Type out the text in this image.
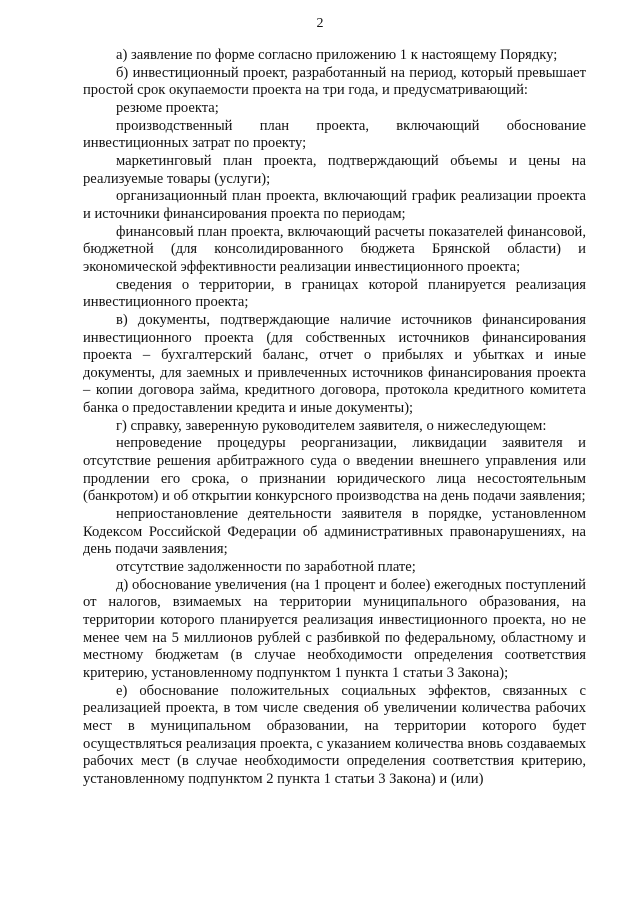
2

а) заявление по форме согласно приложению 1 к настоящему Порядку;

б) инвестиционный проект, разработанный на период, который превышает простой срок окупаемости проекта на три года, и предусматривающий:

резюме проекта;

производственный план проекта, включающий обоснование инвестиционных затрат по проекту;

маркетинговый план проекта, подтверждающий объемы и цены на реализуемые товары (услуги);

организационный план проекта, включающий график реализации проекта и источники финансирования проекта по периодам;

финансовый план проекта, включающий расчеты показателей финансовой, бюджетной (для консолидированного бюджета Брянской области) и экономической эффективности реализации инвестиционного проекта;

сведения о территории, в границах которой планируется реализация инвестиционного проекта;

в) документы, подтверждающие наличие источников финансирования инвестиционного проекта (для собственных источников финансирования проекта – бухгалтерский баланс, отчет о прибылях и убытках и иные документы, для заемных и привлеченных источников финансирования проекта – копии договора займа, кредитного договора, протокола кредитного комитета банка о предоставлении кредита и иные документы);

г) справку, заверенную руководителем заявителя, о нижеследующем:

непроведение процедуры реорганизации, ликвидации заявителя и отсутствие решения арбитражного суда о введении внешнего управления или продлении его срока, о признании юридического лица несостоятельным (банкротом) и об открытии конкурсного производства на день подачи заявления;

неприостановление деятельности заявителя в порядке, установленном Кодексом Российской Федерации об административных правонарушениях, на день подачи заявления;

отсутствие задолженности по заработной плате;

д) обоснование увеличения (на 1 процент и более) ежегодных поступлений от налогов, взимаемых на территории муниципального образования, на территории которого планируется реализация инвестиционного проекта, но не менее чем на 5 миллионов рублей с разбивкой по федеральному, областному и местному бюджетам (в случае необходимости определения соответствия критерию, установленному подпунктом 1 пункта 1 статьи 3 Закона);

е) обоснование положительных социальных эффектов, связанных с реализацией проекта, в том числе сведения об увеличении количества рабочих мест в муниципальном образовании, на территории которого будет осуществляться реализация проекта, с указанием количества вновь создаваемых рабочих мест (в случае необходимости определения соответствия критерию, установленному подпунктом 2 пункта 1 статьи 3 Закона) и (или)
